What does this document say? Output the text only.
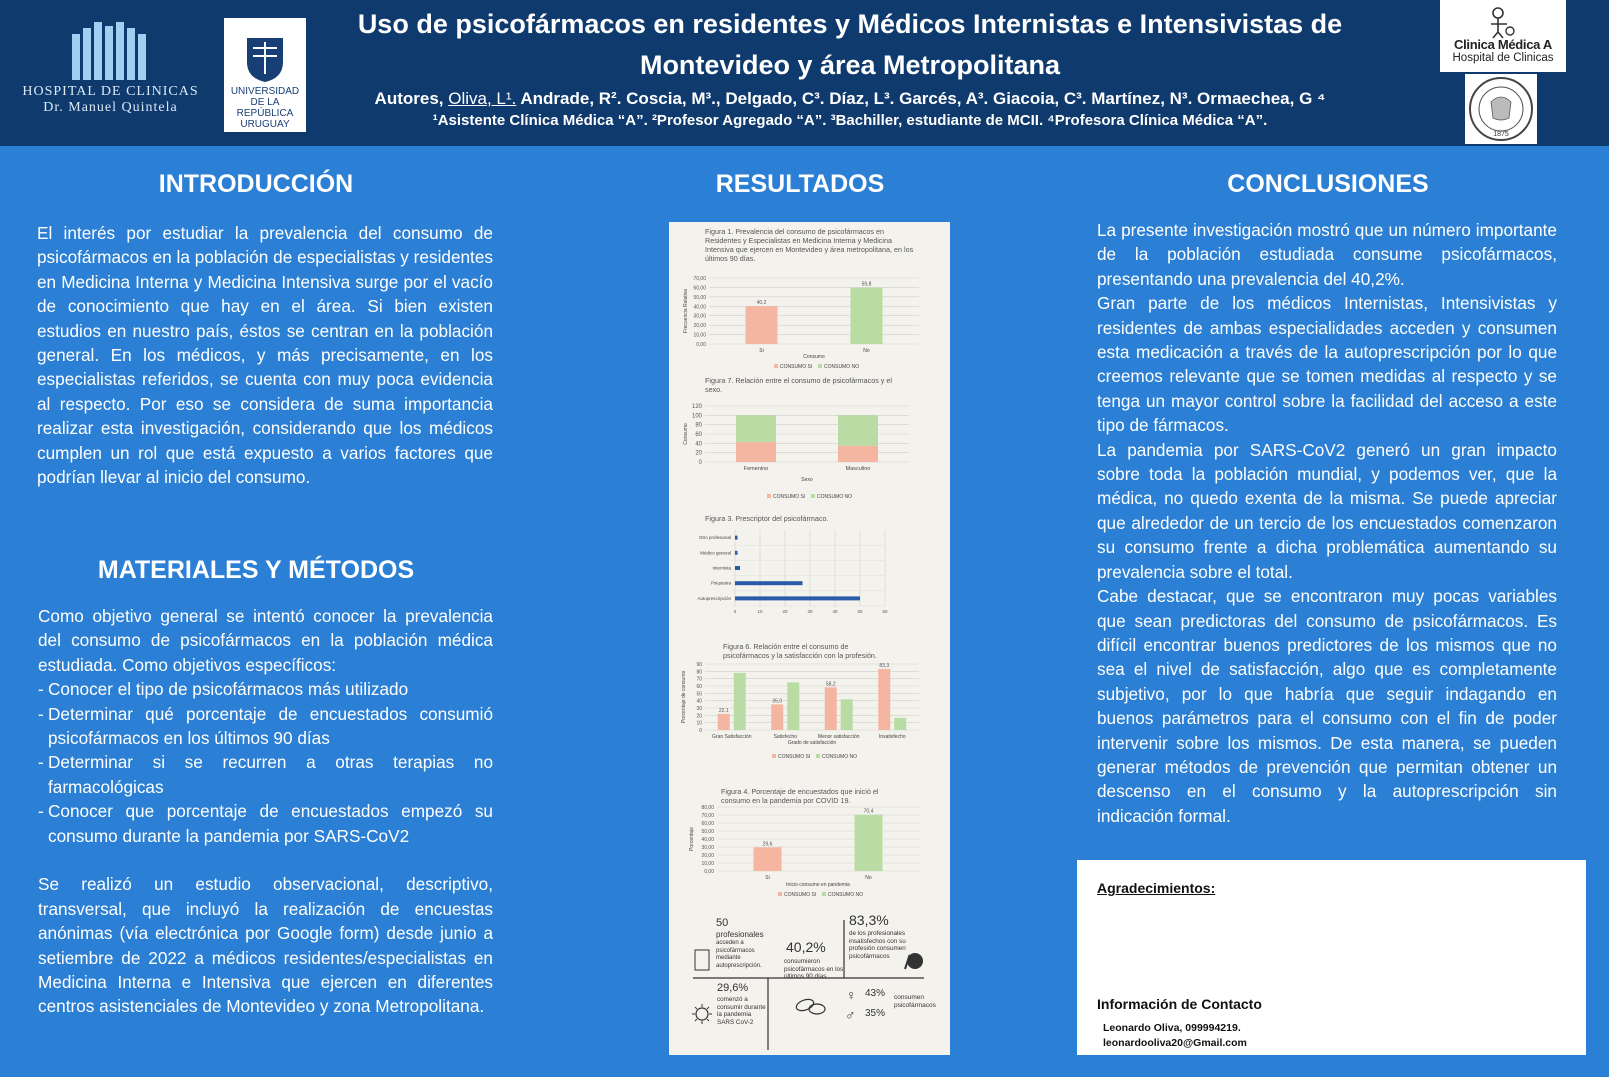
HOSPITAL DE CLINICAS
Dr. Manuel Quintela
UNIVERSIDAD
DE LA REPÚBLICA
URUGUAY
Uso de psicofármacos en residentes y Médicos Internistas e Intensivistas de
Montevideo y área Metropolitana
Autores, Oliva, L¹. Andrade, R². Coscia, M³., Delgado, C³. Díaz, L³. Garcés, A³. Giacoia, C³. Martínez, N³. Ormaechea, G ⁴
¹Asistente Clínica Médica “A”. ²Profesor Agregado “A”. ³Bachiller, estudiante de MCII. ⁴Profesora Clínica Médica “A”.
Clinica Médica A
Hospital de Clinicas
1875
INTRODUCCIÓN
El interés por estudiar la prevalencia del consumo de psicofármacos en la población de especialistas y residentes en Medicina Interna y Medicina Intensiva surge por el vacío de conocimiento que hay en el área. Si bien existen estudios en nuestro país, éstos se centran en la población general. En los médicos, y más precisamente, en los especialistas referidos, se cuenta con muy poca evidencia al respecto. Por eso se considera de suma importancia realizar esta investigación, considerando que los médicos cumplen un rol que está expuesto a varios factores que podrían llevar al inicio del consumo.
MATERIALES Y MÉTODOS

Como objetivo general se intentó conocer la prevalencia del consumo de psicofármacos en la población médica estudiada. Como objetivos específicos:

- Conocer el tipo de psicofármacos más utilizado
- Determinar qué porcentaje de encuestados consumió psicofármacos en los últimos 90 días
- Determinar si se recurren a otras terapias no farmacológicas
- Conocer que porcentaje de encuestados empezó su consumo durante la pandemia por SARS-CoV2

Se realizó un estudio observacional, descriptivo, transversal, que incluyó la realización de encuestas anónimas (vía electrónica por Google form) desde junio a setiembre de 2022 a médicos residentes/especialistas en Medicina Interna e Intensiva que ejercen en diferentes centros asistenciales de Montevideo y zona Metropolitana.

RESULTADOS
Figura 1. Prevalencia del consumo de psicofármacos en Residentes y Especialistas en Medicina Interna y Medicina Intensiva que ejercen en Montevideo y área metropolitana, en los últimos 90 días.
0,00
10,00
20,00
30,00
40,00
50,00
60,00
70,00
40,2
Si
59,8
No
Consumo
Frecuencia Relativa
CONSUMO SI CONSUMO NO
Figura 7. Relación entre el consumo de psicofármacos y el sexo.
0
20
40
60
80
100
120
Femenino	Masculino
Sexo
Consumo
CONSUMO SI CONSUMO NO
Figura 3. Prescriptor del psicofármaco.
0	10	20	30	40	50	60
Otro profesional
Médico general
Internista
Psiquiatra
Autoprescripción
Figura 6. Relación entre el consumo de psicofármacos y la satisfacción con la profesión.
0
10
20
30
40
50
60
70
80
90
22,1
Gran Satisfacción
35,0
Satisfecho
58,2
Menor satisfacción
83,3
Insatisfecho
Grado de satisfacción
Porcentaje de consumo
CONSUMO SI CONSUMO NO
Figura 4. Porcentaje de encuestados que inició el consumo en la pandemia por COVID 19.
0,00
10,00
20,00
30,00
40,00
50,00
60,00
70,00
80,00
29,6
Si
70,4
No
Inicio consumo en pandemia
Porcentaje
CONSUMO SI CONSUMO NO
♀
♂
50
profesionales
acceden a psicofármacos mediante autoprescripción.
40,2%
consumieron psicofármacos en los últimos 90 días
83,3%
de los profesionales insatisfechos con su profesión consumen psicofármacos
29,6%
comenzó a consumir durante la pandemia SARS CoV-2
43%
35%
consumen psicofármacos
CONCLUSIONES

La presente investigación mostró que un número importante de la población estudiada consume psicofármacos, presentando una prevalencia del 40,2%.

Gran parte de los médicos Internistas, Intensivistas y residentes de ambas especialidades acceden y consumen esta medicación a través de la autoprescripción por lo que creemos relevante que se tomen medidas al respecto y se tenga un mayor control sobre la facilidad del acceso a este tipo de fármacos.

La pandemia por SARS-CoV2 generó un gran impacto sobre toda la población mundial, y podemos ver, que la médica, no quedo exenta de la misma. Se puede apreciar que alrededor de un tercio de los encuestados comenzaron su consumo frente a dicha problemática aumentando su prevalencia sobre el total.

Cabe destacar, que se encontraron muy pocas variables que sean predictoras del consumo de psicofármacos. Es difícil encontrar buenos predictores de los mismos que no sea el nivel de satisfacción, algo que es completamente subjetivo, por lo que habría que seguir indagando en buenos parámetros para el consumo con el fin de poder intervenir sobre los mismos. De esta manera, se pueden generar métodos de prevención que permitan obtener un descenso en el consumo y la autoprescripción sin indicación formal.

Agradecimientos:
Información de Contacto
Leonardo Oliva, 099994219.
leonardooliva20@Gmail.com
